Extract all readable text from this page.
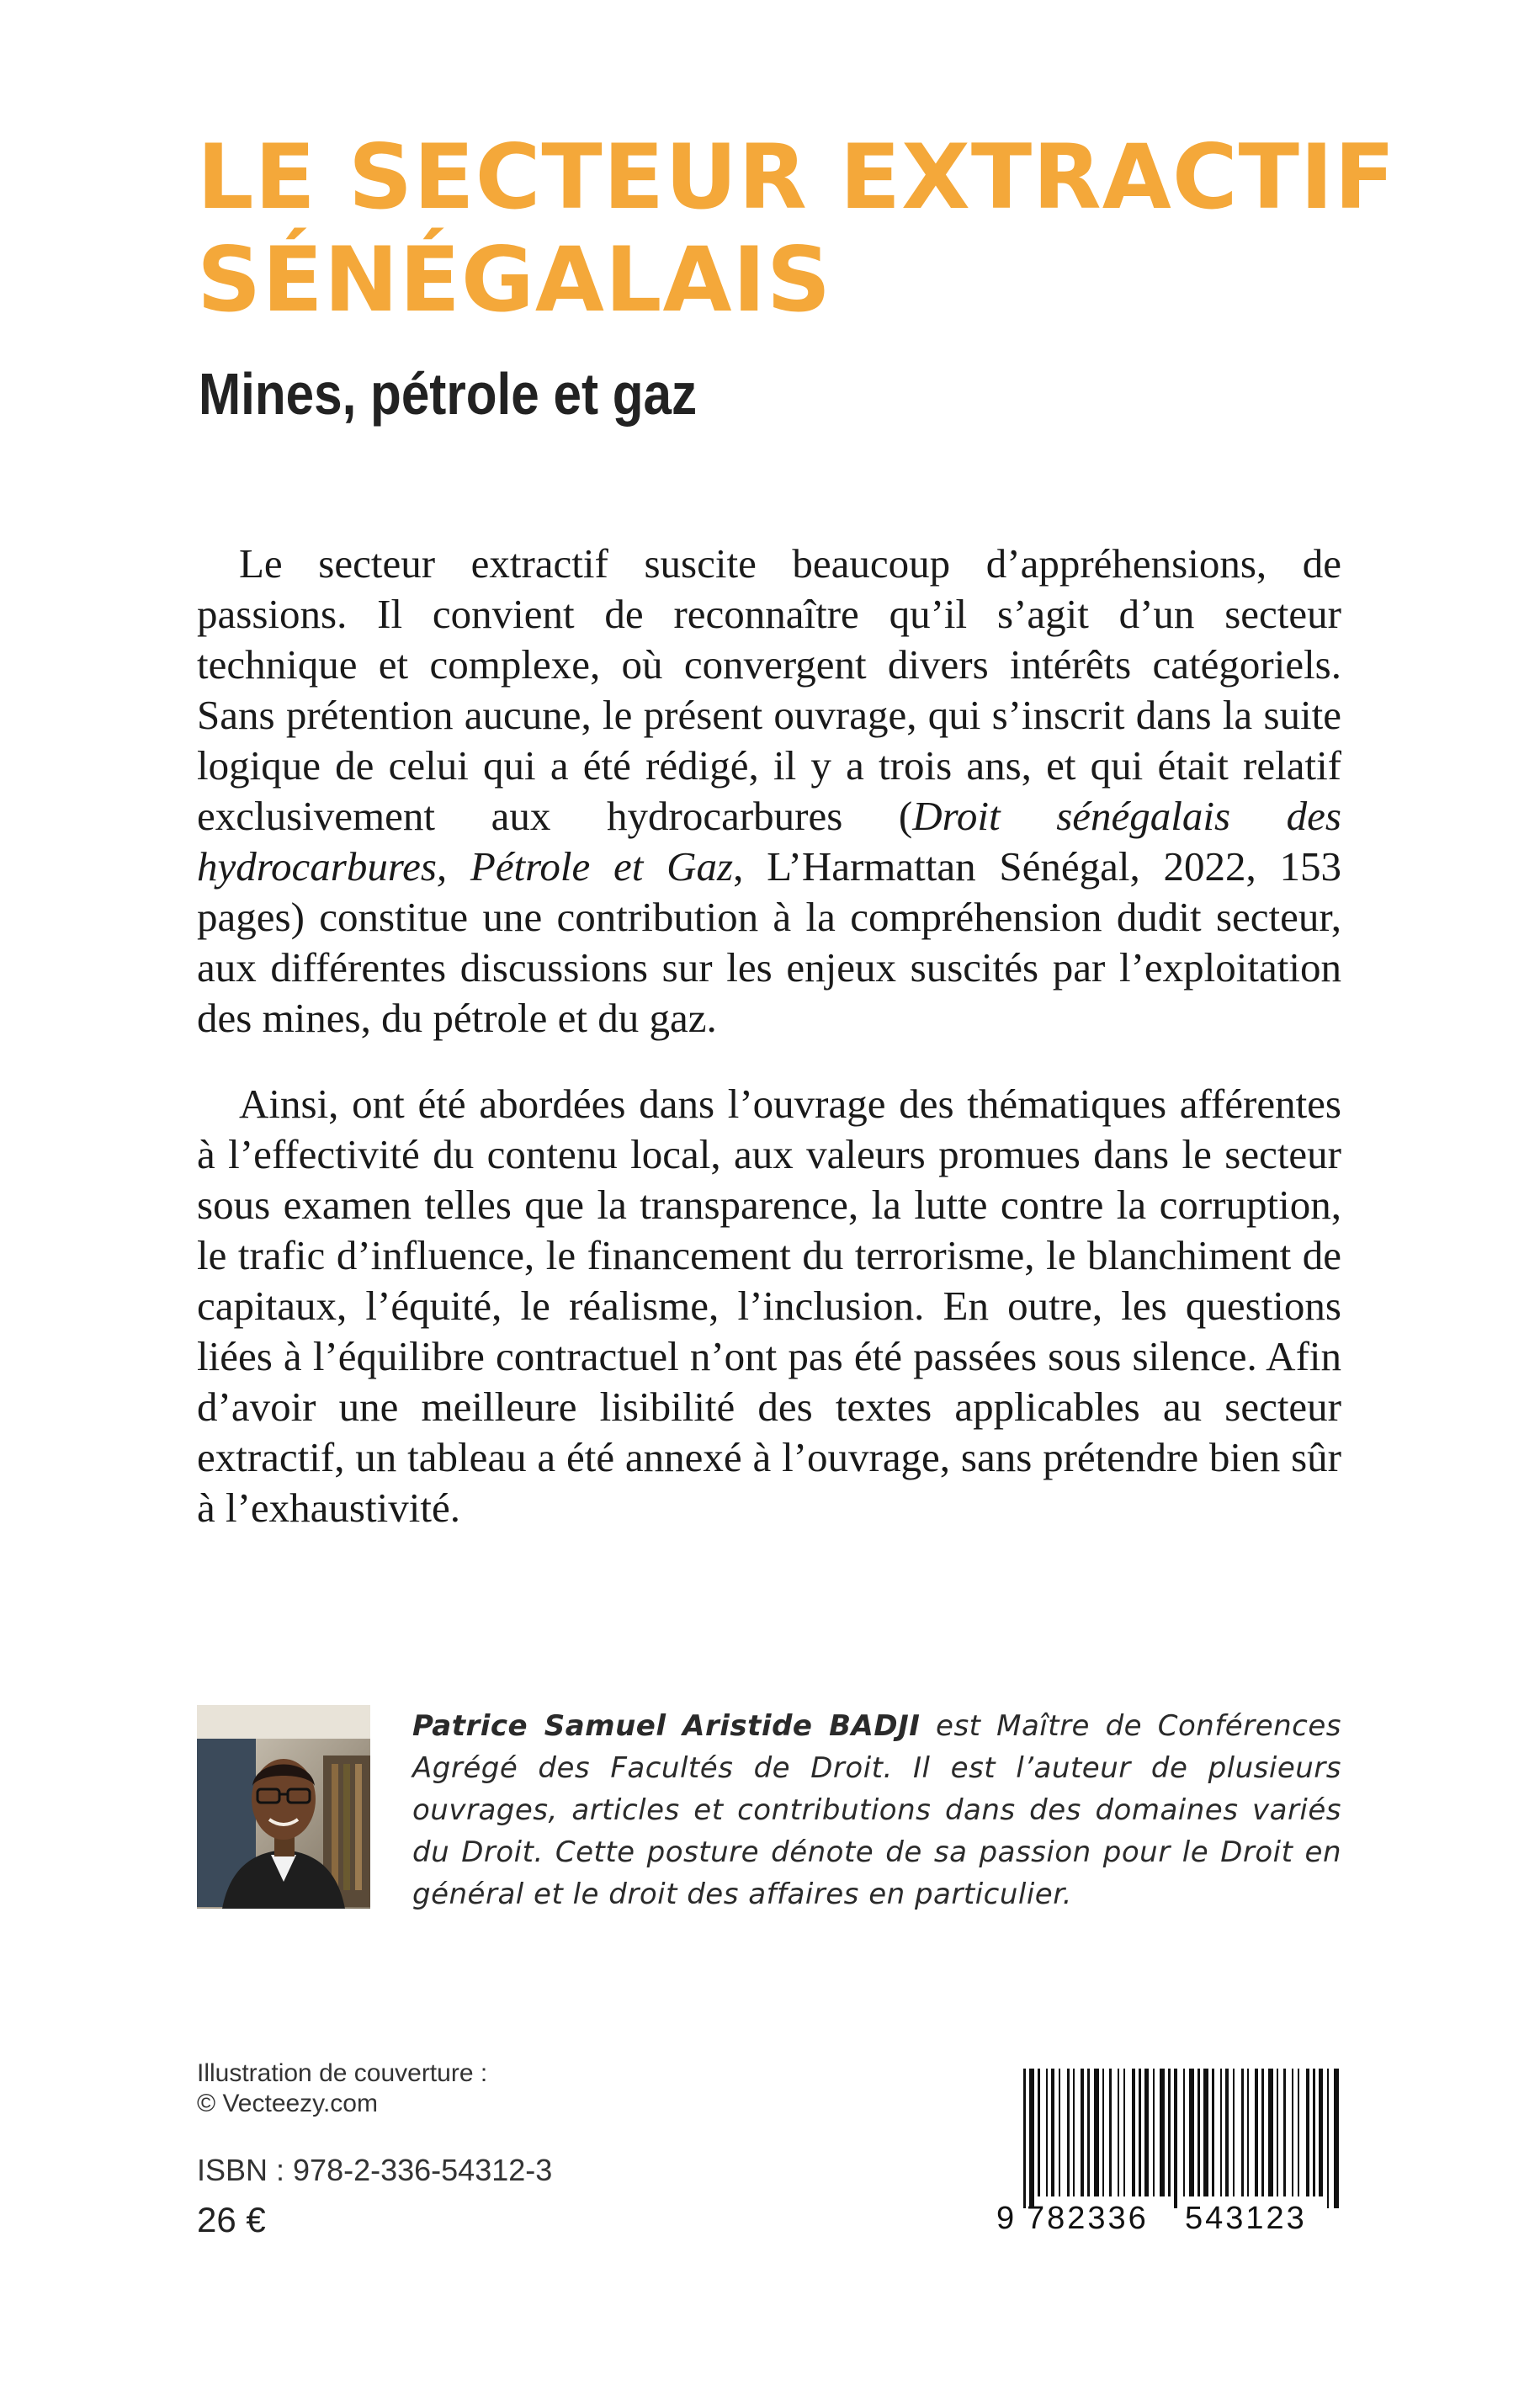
LE SECTEUR EXTRACTIF
SÉNÉGALAIS
Mines, pétrole et gaz

Le secteur extractif suscite beaucoup d’appréhensions, de passions. Il convient de reconnaître qu’il s’agit d’un secteur technique et complexe, où convergent divers intérêts catégoriels. Sans prétention aucune, le présent ouvrage, qui s’inscrit dans la suite logique de celui qui a été rédigé, il y a trois ans, et qui était relatif exclusivement aux hydrocarbures (Droit sénégalais des hydrocarbures, Pétrole et Gaz, L’Harmattan Sénégal, 2022, 153 pages) constitue une contribution à la compréhension dudit secteur, aux différentes discussions sur les enjeux suscités par l’exploitation des mines, du pétrole et du gaz.

Ainsi, ont été abordées dans l’ouvrage des thématiques afférentes à l’effectivité du contenu local, aux valeurs promues dans le secteur sous examen telles que la transparence, la lutte contre la corruption, le trafic d’influence, le financement du terrorisme, le blanchiment de capitaux, l’équité, le réalisme, l’inclusion. En outre, les questions liées à l’équilibre contractuel n’ont pas été passées sous silence. Afin d’avoir une meilleure lisibilité des textes applicables au secteur extractif, un tableau a été annexé à l’ouvrage, sans prétendre bien sûr à l’exhaustivité.

Patrice Samuel Aristide BADJI est Maître de Conférences Agrégé des Facultés de Droit. Il est l’auteur de plusieurs ouvrages, articles et contributions dans des domaines variés du Droit. Cette posture dénote de sa passion pour le Droit en général et le droit des affaires en particulier.
Illustration de couverture :
© Vecteezy.com
ISBN : 978-2-336-54312-3
26 €	9 782336 543123
